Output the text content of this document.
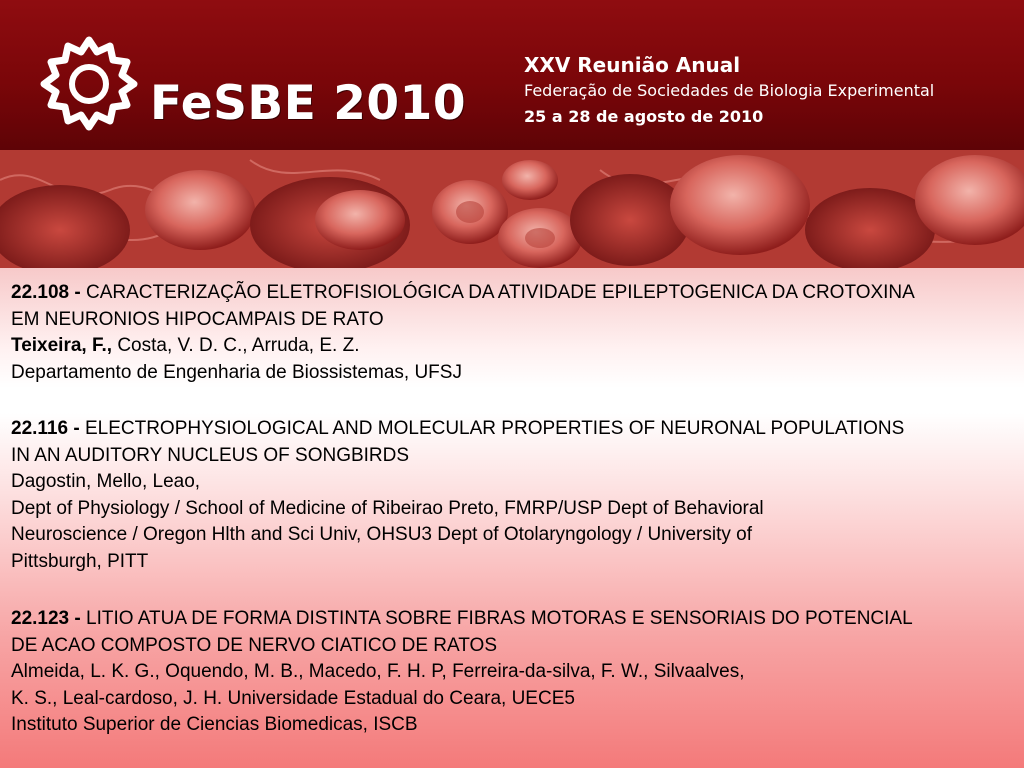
FeSBE 2010
XXV Reunião Anual
Federação de Sociedades de Biologia Experimental
25 a 28 de agosto de 2010
22.108 - CARACTERIZAÇÃO ELETROFISIOLÓGICA DA ATIVIDADE EPILEPTOGENICA DA CROTOXINA
EM NEURONIOS HIPOCAMPAIS DE RATO
Teixeira, F., Costa, V. D. C., Arruda, E. Z.
Departamento de Engenharia de Biossistemas, UFSJ
22.116 - ELECTROPHYSIOLOGICAL AND MOLECULAR PROPERTIES OF NEURONAL POPULATIONS
IN AN AUDITORY NUCLEUS OF SONGBIRDS
Dagostin, Mello, Leao,
Dept of Physiology / School of Medicine of Ribeirao Preto, FMRP/USP Dept of Behavioral
Neuroscience / Oregon Hlth and Sci Univ, OHSU3 Dept of Otolaryngology / University of
Pittsburgh, PITT
22.123 - LITIO ATUA DE FORMA DISTINTA SOBRE FIBRAS MOTORAS E SENSORIAIS DO POTENCIAL
DE ACAO COMPOSTO DE NERVO CIATICO DE RATOS
Almeida, L. K. G., Oquendo, M. B., Macedo, F. H. P, Ferreira-da-silva, F. W., Silvaalves,
K. S., Leal-cardoso, J. H. Universidade Estadual do Ceara, UECE5
Instituto Superior de Ciencias Biomedicas, ISCB
